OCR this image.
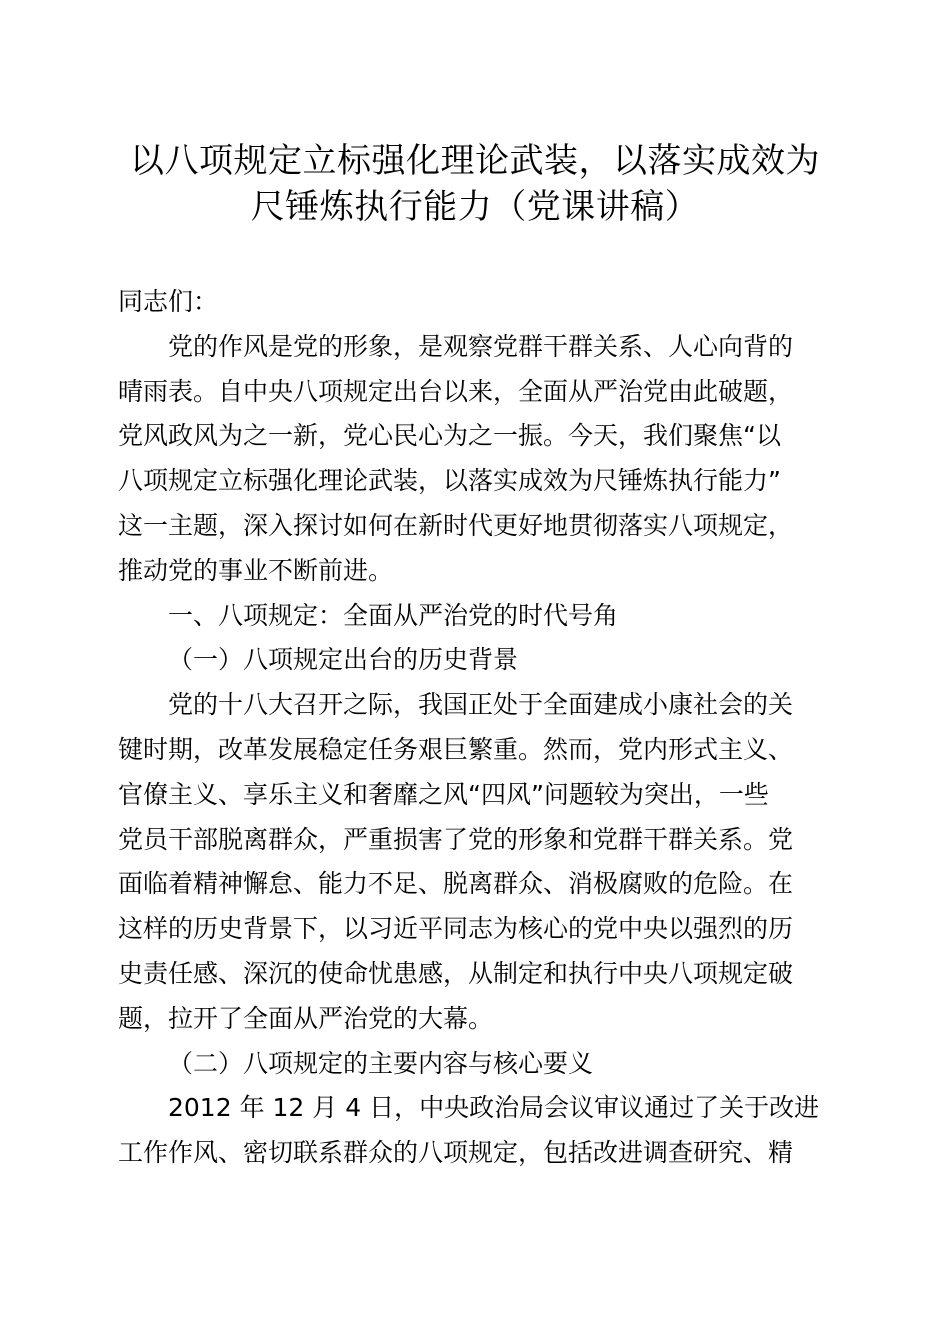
以八项规定立标强化理论武装，以落实成效为
尺锤炼执行能力（党课讲稿）
同志们：
党的作风是党的形象，是观察党群干群关系、人心向背的
晴雨表。自中央八项规定出台以来，全面从严治党由此破题，
党风政风为之一新，党心民心为之一振。今天，我们聚焦“以
八项规定立标强化理论武装，以落实成效为尺锤炼执行能力”
这一主题，深入探讨如何在新时代更好地贯彻落实八项规定，
推动党的事业不断前进。
一、八项规定：全面从严治党的时代号角
（一）八项规定出台的历史背景
党的十八大召开之际，我国正处于全面建成小康社会的关
键时期，改革发展稳定任务艰巨繁重。然而，党内形式主义、
官僚主义、享乐主义和奢靡之风“四风”问题较为突出，一些
党员干部脱离群众，严重损害了党的形象和党群干群关系。党
面临着精神懈怠、能力不足、脱离群众、消极腐败的危险。在
这样的历史背景下，以习近平同志为核心的党中央以强烈的历
史责任感、深沉的使命忧患感，从制定和执行中央八项规定破
题，拉开了全面从严治党的大幕。
（二）八项规定的主要内容与核心要义
2012 年 12 月 4 日，中央政治局会议审议通过了关于改进
工作作风、密切联系群众的八项规定，包括改进调查研究、精
